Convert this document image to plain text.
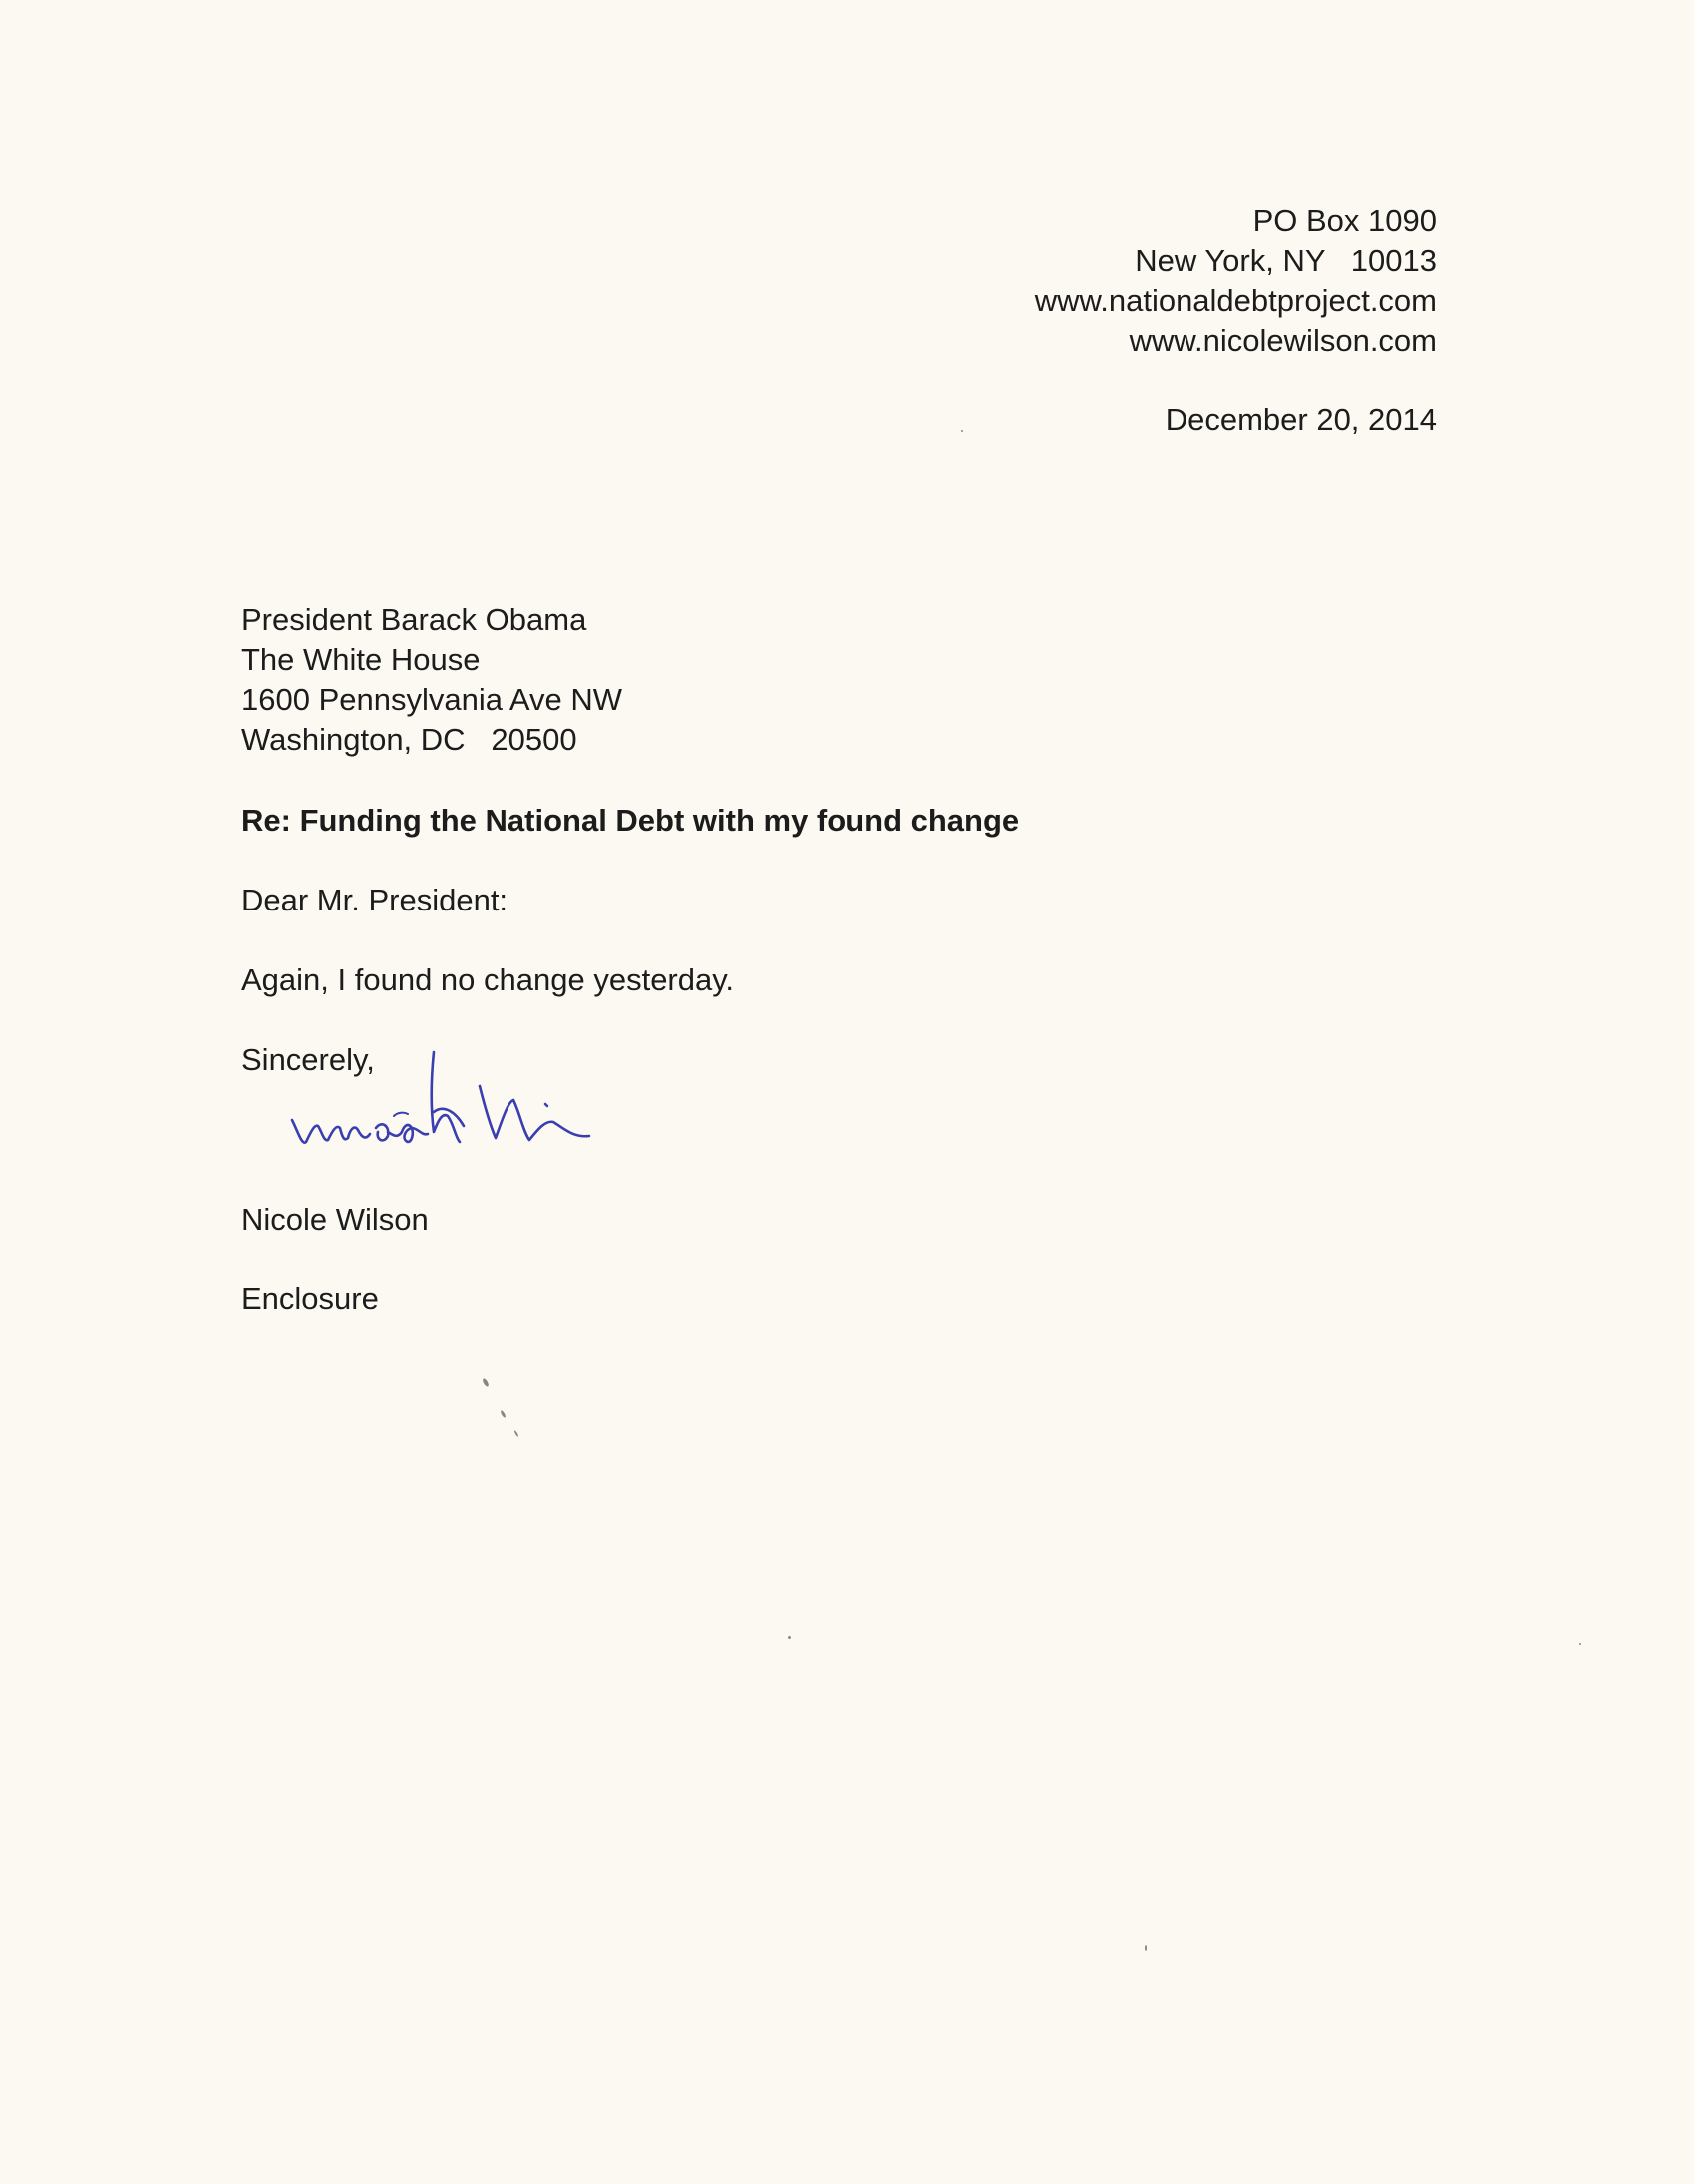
PO Box 1090
New York, NY   10013
www.nationaldebtproject.com
www.nicolewilson.com
December 20, 2014
President Barack Obama
The White House
1600 Pennsylvania Ave NW
Washington, DC   20500
Re: Funding the National Debt with my found change
Dear Mr. President:
Again, I found no change yesterday.
Sincerely,
Nicole Wilson
Enclosure
